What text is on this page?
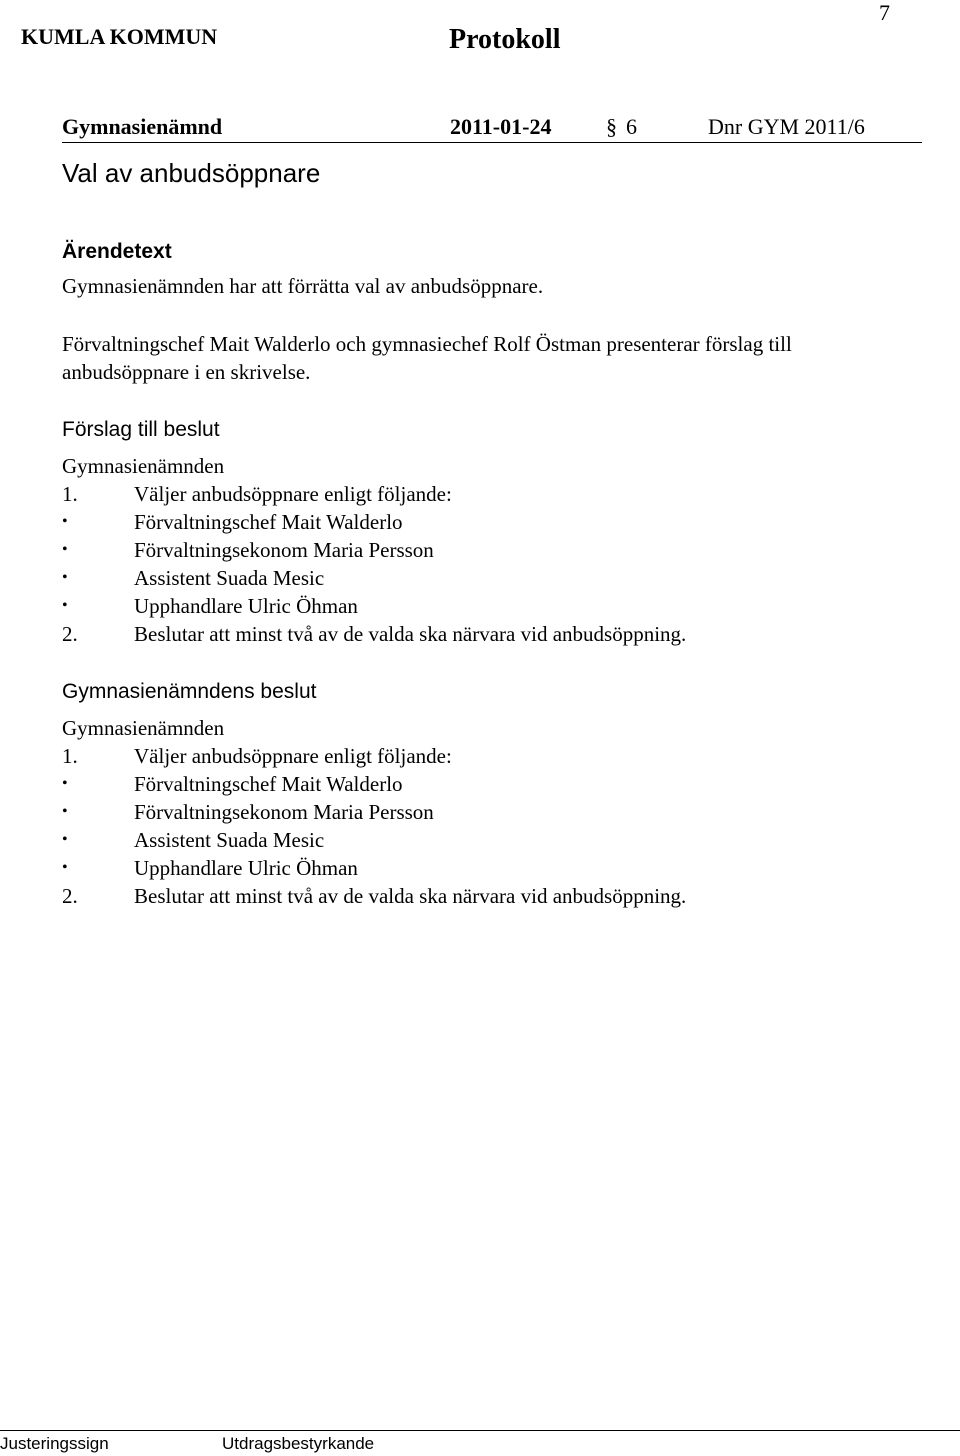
7
KUMLA KOMMUN	Protokoll
Gymnasienämnd	2011-01-24 § 6	Dnr GYM 2011/6
Val av anbudsöppnare
Ärendetext
Gymnasienämnden har att förrätta val av anbudsöppnare.
Förvaltningschef Mait Walderlo och gymnasiechef Rolf Östman presenterar förslag till
anbudsöppnare i en skrivelse.
Förslag till beslut
Gymnasienämnden
1.	Väljer anbudsöppnare enligt följande:
•	Förvaltningschef Mait Walderlo
•	Förvaltningsekonom Maria Persson
•	Assistent Suada Mesic
•	Upphandlare Ulric Öhman
2.	Beslutar att minst två av de valda ska närvara vid anbudsöppning.
Gymnasienämndens beslut
Gymnasienämnden
1.	Väljer anbudsöppnare enligt följande:
•	Förvaltningschef Mait Walderlo
•	Förvaltningsekonom Maria Persson
•	Assistent Suada Mesic
•	Upphandlare Ulric Öhman
2.	Beslutar att minst två av de valda ska närvara vid anbudsöppning.
Justeringssign	Utdragsbestyrkande
